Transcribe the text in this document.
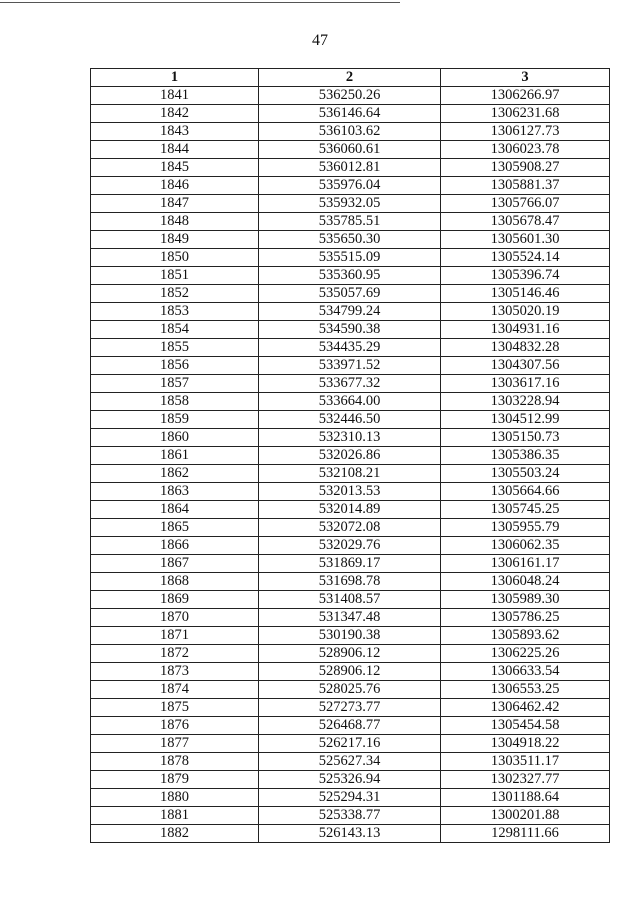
47
1	2	3
1841	536250.26	1306266.97
1842	536146.64	1306231.68
1843	536103.62	1306127.73
1844	536060.61	1306023.78
1845	536012.81	1305908.27
1846	535976.04	1305881.37
1847	535932.05	1305766.07
1848	535785.51	1305678.47
1849	535650.30	1305601.30
1850	535515.09	1305524.14
1851	535360.95	1305396.74
1852	535057.69	1305146.46
1853	534799.24	1305020.19
1854	534590.38	1304931.16
1855	534435.29	1304832.28
1856	533971.52	1304307.56
1857	533677.32	1303617.16
1858	533664.00	1303228.94
1859	532446.50	1304512.99
1860	532310.13	1305150.73
1861	532026.86	1305386.35
1862	532108.21	1305503.24
1863	532013.53	1305664.66
1864	532014.89	1305745.25
1865	532072.08	1305955.79
1866	532029.76	1306062.35
1867	531869.17	1306161.17
1868	531698.78	1306048.24
1869	531408.57	1305989.30
1870	531347.48	1305786.25
1871	530190.38	1305893.62
1872	528906.12	1306225.26
1873	528906.12	1306633.54
1874	528025.76	1306553.25
1875	527273.77	1306462.42
1876	526468.77	1305454.58
1877	526217.16	1304918.22
1878	525627.34	1303511.17
1879	525326.94	1302327.77
1880	525294.31	1301188.64
1881	525338.77	1300201.88
1882	526143.13	1298111.66
